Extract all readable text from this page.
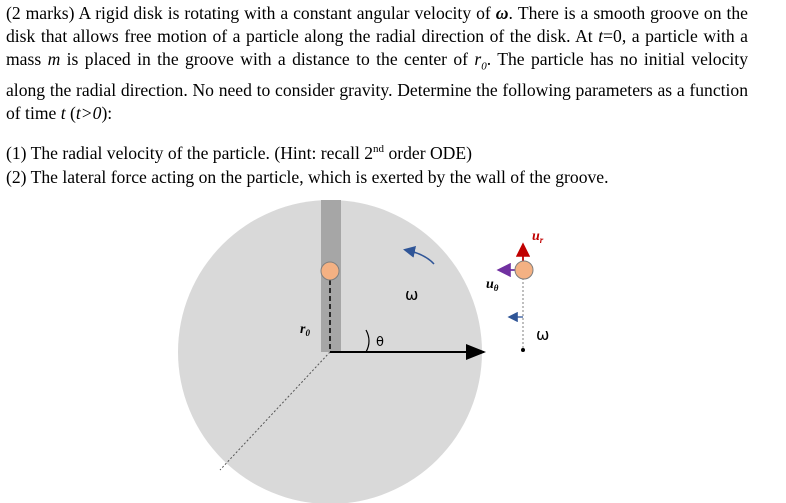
(2 marks) A rigid disk is rotating with a constant angular velocity of ω. There is a smooth groove on the disk that allows free motion of a particle along the radial direction of the disk. At t=0, a particle with a mass m is placed in the groove with a distance to the center of $r_0$. The particle has no initial velocity along the radial direction. No need to consider gravity. Determine the following parameters as a function of time t (t>0):
(1) The radial velocity of the particle. (Hint: recall 2nd order ODE)
(2) The lateral force acting on the particle, which is exerted by the wall of the groove.
$r_0$
θ
ω
$u_\theta$
$u_r$
ω
